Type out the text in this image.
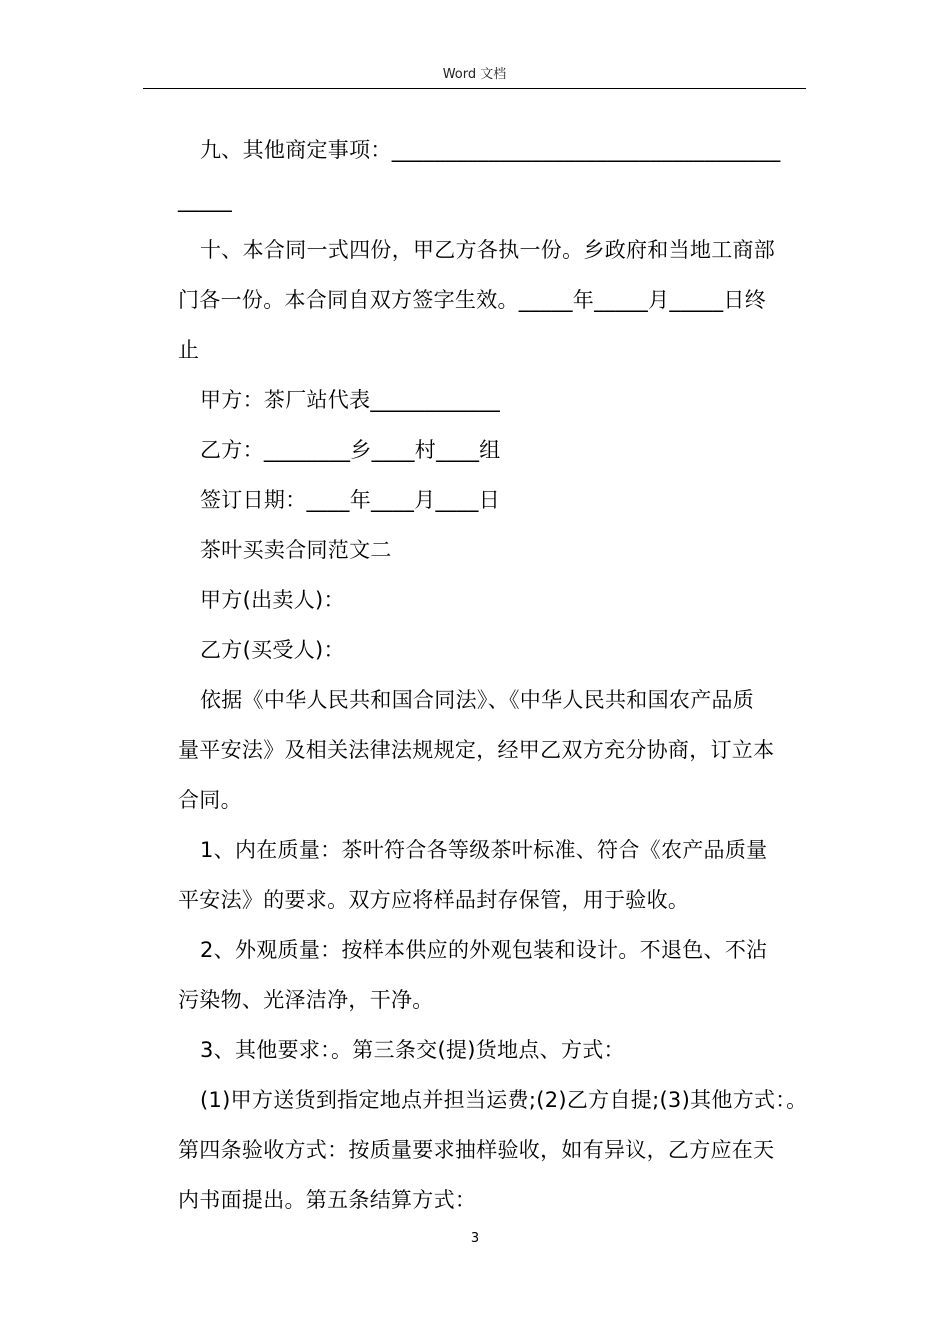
Word 文档

九、其他商定事项：____________________________________

_____

十、本合同一式四份，甲乙方各执一份。乡政府和当地工商部

门各一份。本合同自双方签字生效。_____年_____月_____日终

止

甲方：茶厂站代表____________

乙方：________乡____村____组

签订日期：____年____月____日

茶叶买卖合同范文二

甲方(出卖人)：

乙方(买受人)：

依据《中华人民共和国合同法》、《中华人民共和国农产品质

量平安法》及相关法律法规规定，经甲乙双方充分协商，订立本

合同。

1、内在质量：茶叶符合各等级茶叶标准、符合《农产品质量

平安法》的要求。双方应将样品封存保管，用于验收。

2、外观质量：按样本供应的外观包装和设计。不退色、不沾

污染物、光泽洁净，干净。

3、其他要求：。第三条交(提)货地点、方式：

(1)甲方送货到指定地点并担当运费;(2)乙方自提;(3)其他方式：。

第四条验收方式：按质量要求抽样验收，如有异议，乙方应在天

内书面提出。第五条结算方式：

3
